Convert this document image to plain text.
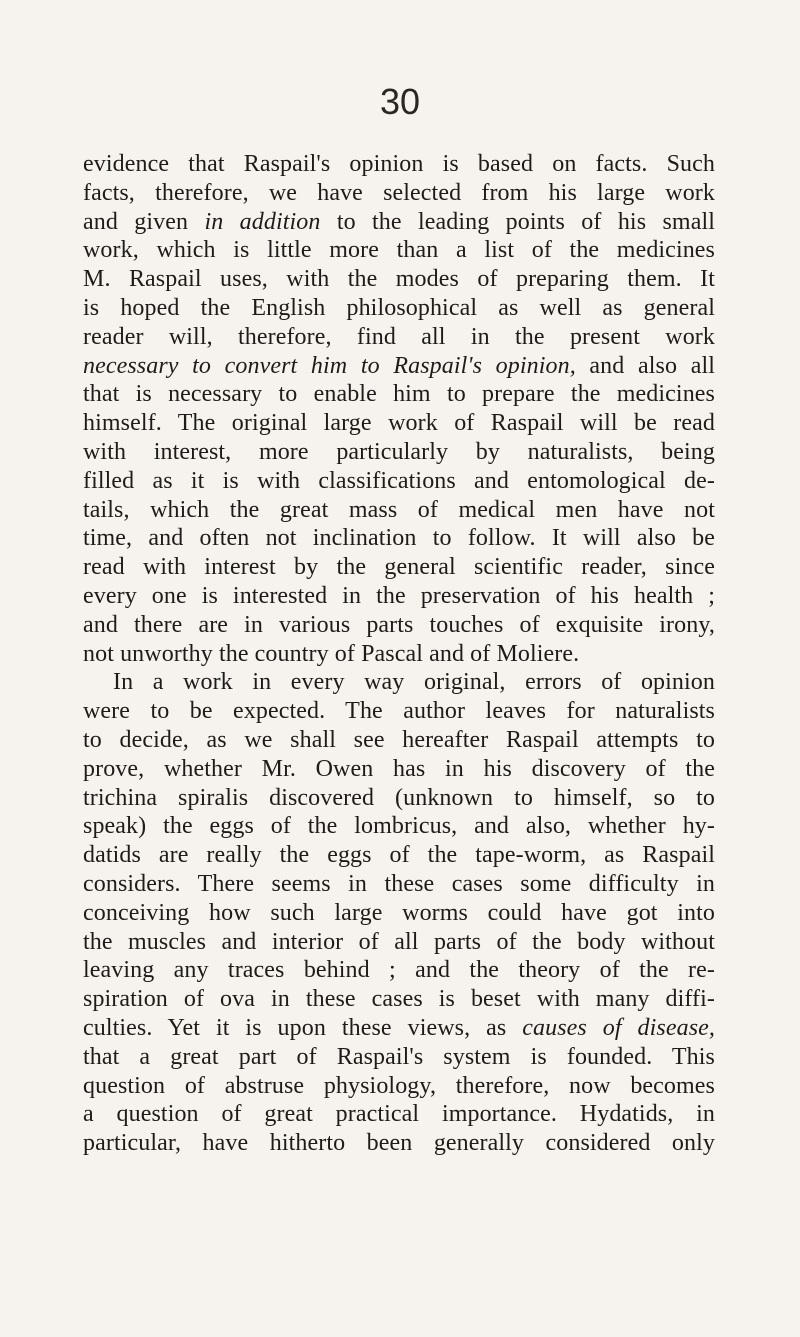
30
evidence that Raspail's opinion is based on facts. Such
facts, therefore, we have selected from his large work
and given in addition to the leading points of his small
work, which is little more than a list of the medicines
M. Raspail uses, with the modes of preparing them. It
is hoped the English philosophical as well as general
reader will, therefore, find all in the present work
necessary to convert him to Raspail's opinion, and also all
that is necessary to enable him to prepare the medicines
himself. The original large work of Raspail will be read
with interest, more particularly by naturalists, being
filled as it is with classifications and entomological de-
tails, which the great mass of medical men have not
time, and often not inclination to follow. It will also be
read with interest by the general scientific reader, since
every one is interested in the preservation of his health ;
and there are in various parts touches of exquisite irony,
not unworthy the country of Pascal and of Moliere.
In a work in every way original, errors of opinion
were to be expected. The author leaves for naturalists
to decide, as we shall see hereafter Raspail attempts to
prove, whether Mr. Owen has in his discovery of the
trichina spiralis discovered (unknown to himself, so to
speak) the eggs of the lombricus, and also, whether hy-
datids are really the eggs of the tape-worm, as Raspail
considers. There seems in these cases some difficulty in
conceiving how such large worms could have got into
the muscles and interior of all parts of the body without
leaving any traces behind ; and the theory of the re-
spiration of ova in these cases is beset with many diffi-
culties. Yet it is upon these views, as causes of disease,
that a great part of Raspail's system is founded. This
question of abstruse physiology, therefore, now becomes
a question of great practical importance. Hydatids, in
particular, have hitherto been generally considered only
